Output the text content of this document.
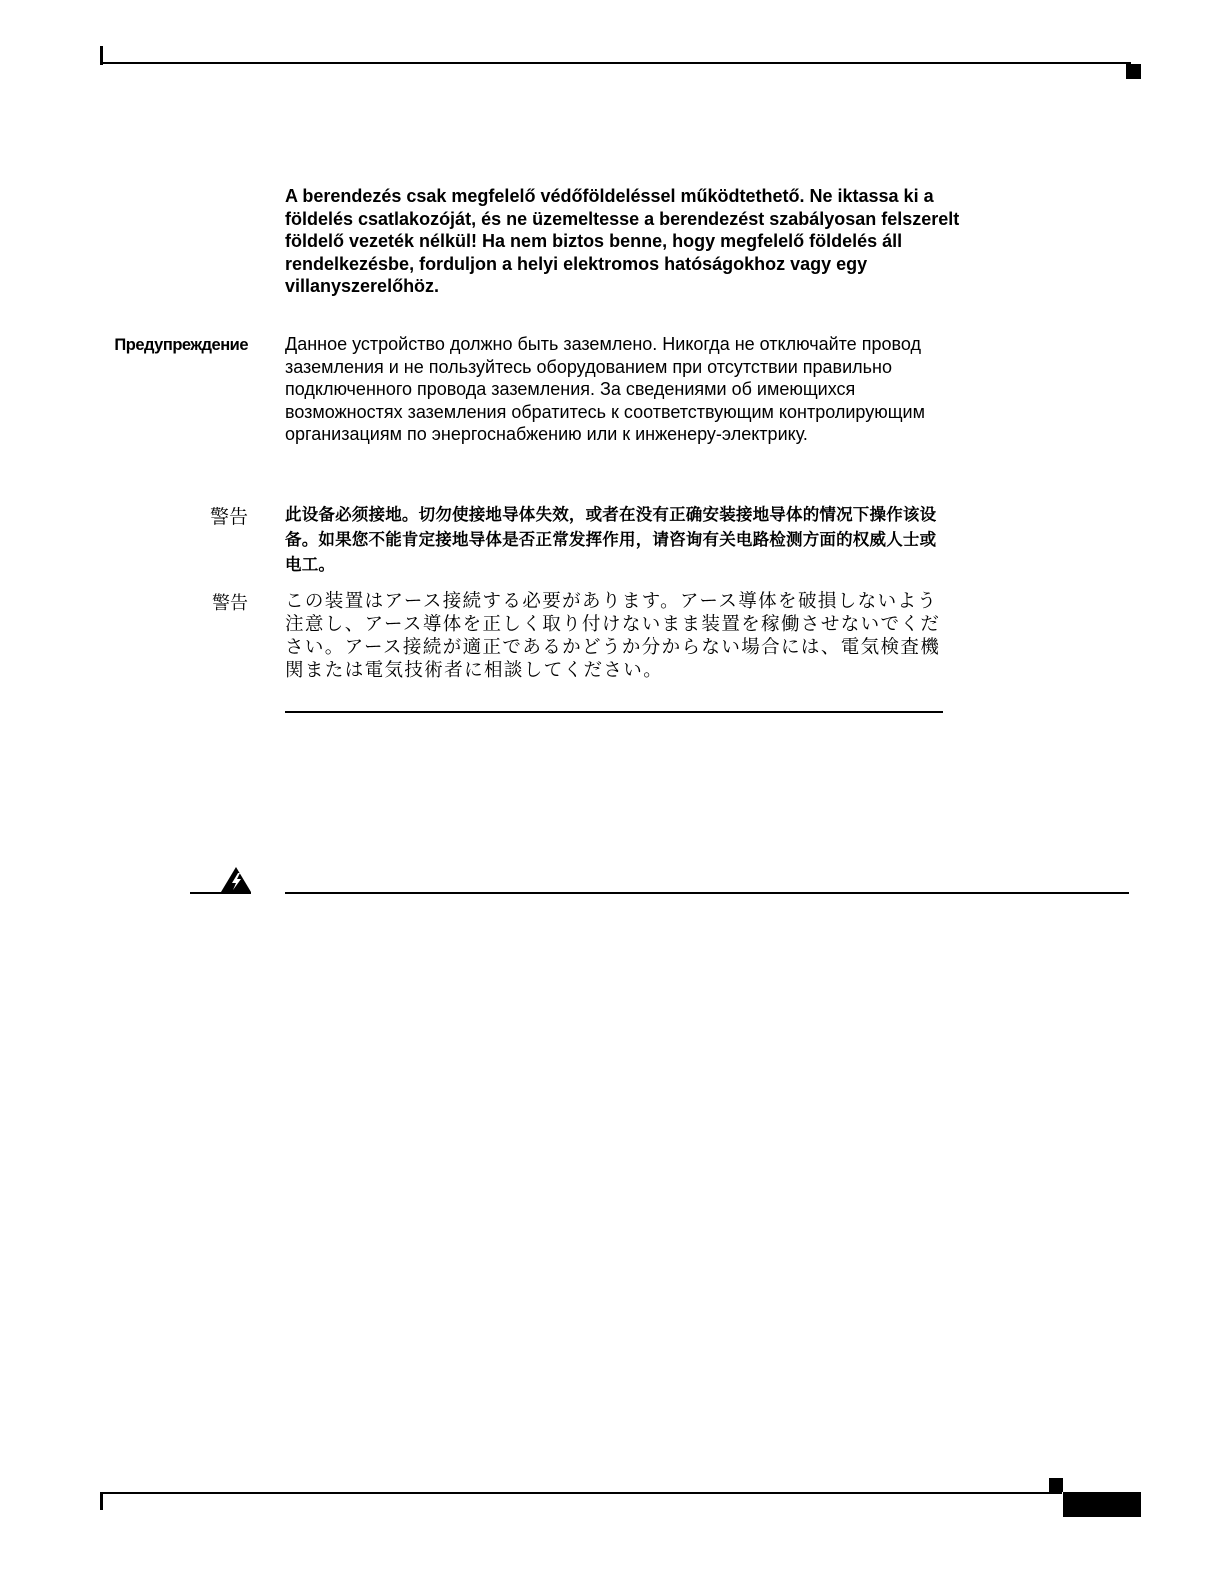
A berendezés csak megfelelő védőföldeléssel működtethető. Ne iktassa ki a földelés csatlakozóját, és ne üzemeltesse a berendezést szabályosan felszerelt földelő vezeték nélkül! Ha nem biztos benne, hogy megfelelő földelés áll rendelkezésbe, forduljon a helyi elektromos hatóságokhoz vagy egy villanyszerelőhöz.
Предупреждение Данное устройство должно быть заземлено. Никогда не отключайте провод заземления и не пользуйтесь оборудованием при отсутствии правильно подключенного провода заземления. За сведениями об имеющихся возможностях заземления обратитесь к соответствующим контролирующим организациям по энергоснабжению или к инженеру-электрику.
警告 此设备必须接地。切勿使接地导体失效，或者在没有正确安装接地导体的情况下操作该设备。如果您不能肯定接地导体是否正常发挥作用，请咨询有关电路检测方面的权威人士或电工。
警告 この装置はアース接続する必要があります。アース導体を破損しないよう注意し、アース導体を正しく取り付けないまま装置を稼働させないでください。アース接続が適正であるかどうか分からない場合には、電気検査機関または電気技術者に相談してください。
